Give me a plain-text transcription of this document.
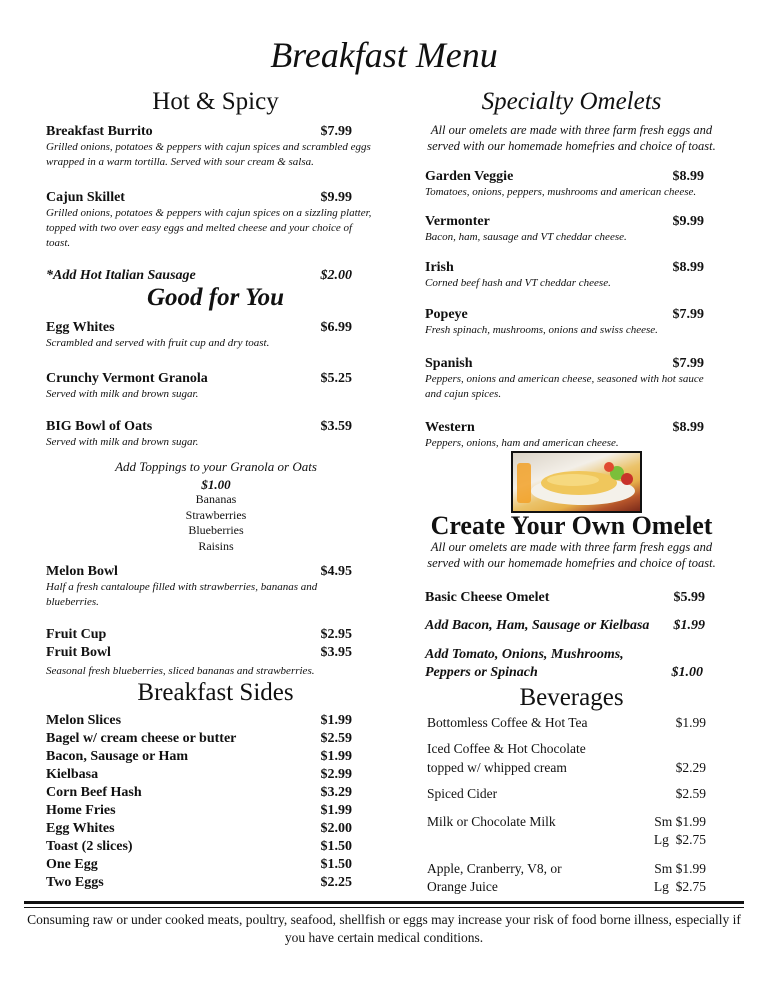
Breakfast Menu
Hot & Spicy
Breakfast Burrito	$7.99
Grilled onions, potatoes & peppers with cajun spices and scrambled eggs wrapped in a warm tortilla. Served with sour cream & salsa.
Cajun Skillet	$9.99
Grilled onions, potatoes & peppers with cajun spices on a sizzling platter, topped with two over easy eggs and melted cheese and your choice of toast.
*Add Hot Italian Sausage	$2.00
Good for You
Egg Whites	$6.99
Scrambled and served with fruit cup and dry toast.
Crunchy Vermont Granola	$5.25
Served with milk and brown sugar.
BIG Bowl of Oats	$3.59
Served with milk and brown sugar.
Add Toppings to your Granola or Oats
$1.00
Bananas
Strawberries
Blueberries
Raisins
Melon Bowl	$4.95
Half a fresh cantaloupe filled with strawberries, bananas and blueberries.
Fruit Cup	$2.95
Fruit Bowl	$3.95
Seasonal fresh blueberries, sliced bananas and strawberries.
Breakfast Sides
Melon Slices	$1.99
Bagel w/ cream cheese or butter	$2.59
Bacon, Sausage or Ham	$1.99
Kielbasa	$2.99
Corn Beef Hash	$3.29
Home Fries	$1.99
Egg Whites	$2.00
Toast (2 slices)	$1.50
One Egg	$1.50
Two Eggs	$2.25
Specialty Omelets
All our omelets are made with three farm fresh eggs and served with our homemade homefries and choice of toast.
Garden Veggie	$8.99
Tomatoes, onions, peppers, mushrooms and american cheese.
Vermonter	$9.99
Bacon, ham, sausage and VT cheddar cheese.
Irish	$8.99
Corned beef hash and VT cheddar cheese.
Popeye	$7.99
Fresh spinach, mushrooms, onions and swiss cheese.
Spanish	$7.99
Peppers, onions and american cheese, seasoned with hot sauce and cajun spices.
Western	$8.99
Peppers, onions, ham and american cheese.
Create Your Own Omelet
All our omelets are made with three farm fresh eggs and served with our homemade homefries and choice of toast.
Basic Cheese Omelet	$5.99
Add Bacon, Ham, Sausage or Kielbasa $1.99
Add Tomato, Onions, Mushrooms,
Peppers or Spinach	$1.00
Beverages
Bottomless Coffee & Hot Tea	$1.99
Iced Coffee & Hot Chocolate
topped w/ whipped cream	$2.29
Spiced Cider	$2.59
Milk or Chocolate Milk	Sm $1.99
Lg  $2.75
Apple, Cranberry, V8, or	Sm $1.99
Orange Juice	Lg  $2.75
Consuming raw or under cooked meats, poultry, seafood, shellfish or eggs may increase your risk of food borne illness, especially if you have certain medical conditions.
